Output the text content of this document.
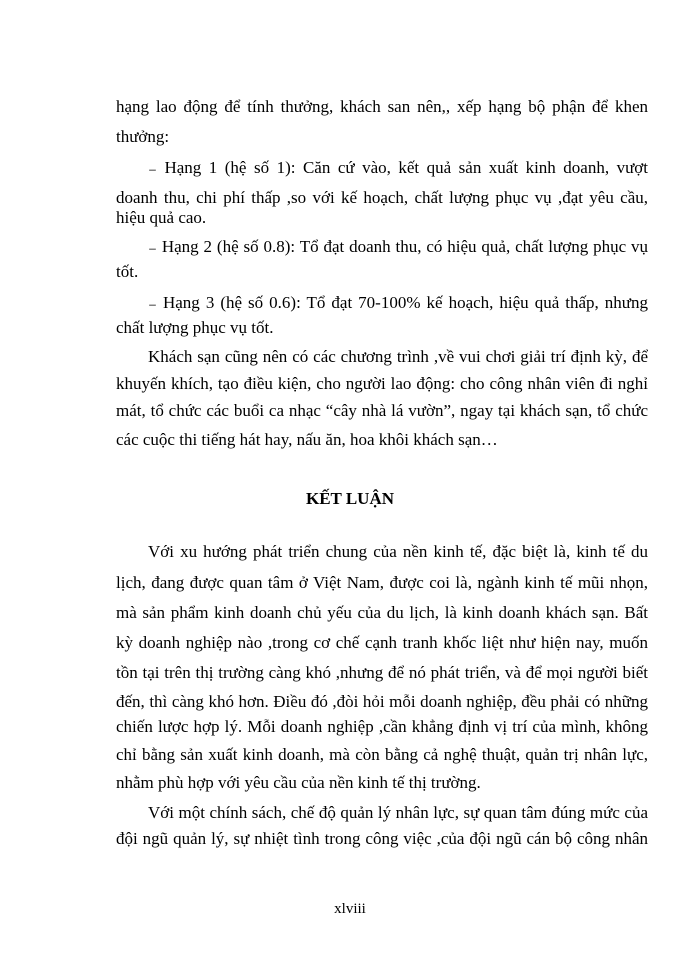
hạng lao động để tính thưởng, khách san nên,, xếp hạng bộ phận để khen
thưởng:
₋ Hạng 1 (hệ số 1): Căn cứ vào, kết quả sản xuất kinh doanh, vượt
doanh thu, chi phí thấp ,so với kế hoạch, chất lượng phục vụ ,đạt yêu cầu,
hiệu quả cao.
₋ Hạng 2 (hệ số 0.8): Tổ đạt doanh thu, có hiệu quả, chất lượng phục vụ
tốt.
₋ Hạng 3 (hệ số 0.6): Tổ đạt 70-100% kế hoạch, hiệu quả thấp, nhưng
chất lượng phục vụ tốt.
Khách sạn cũng nên có các chương trình ,về vui chơi giải trí định kỳ, để
khuyến khích, tạo điều kiện, cho người lao động: cho công nhân viên đi nghỉ
mát, tổ chức các buổi ca nhạc “cây nhà lá vườn”, ngay tại khách sạn, tổ chức
các cuộc thi tiếng hát hay, nấu ăn, hoa khôi khách sạn…
KẾT LUẬN
Với xu hướng phát triển chung của nền kinh tế, đặc biệt là, kinh tế du
lịch, đang được quan tâm ở Việt Nam, được coi là, ngành kinh tế mũi nhọn,
mà sản phẩm kinh doanh chủ yếu của du lịch, là kinh doanh khách sạn. Bất
kỳ doanh nghiệp nào ,trong cơ chế cạnh tranh khốc liệt như hiện nay, muốn
tồn tại trên thị trường càng khó ,nhưng để nó phát triển, và để mọi người biết
đến, thì càng khó hơn. Điều đó ,đòi hỏi mỗi doanh nghiệp, đều phải có những
chiến lược hợp lý. Mỗi doanh nghiệp ,cần khẳng định vị trí của mình, không
chỉ bằng sản xuất kinh doanh, mà còn bằng cả nghệ thuật, quản trị nhân lực,
nhằm phù hợp với yêu cầu của nền kinh tế thị trường.
Với một chính sách, chế độ quản lý nhân lực, sự quan tâm đúng mức của
đội ngũ quản lý, sự nhiệt tình trong công việc ,của đội ngũ cán bộ công nhân
xlviii
